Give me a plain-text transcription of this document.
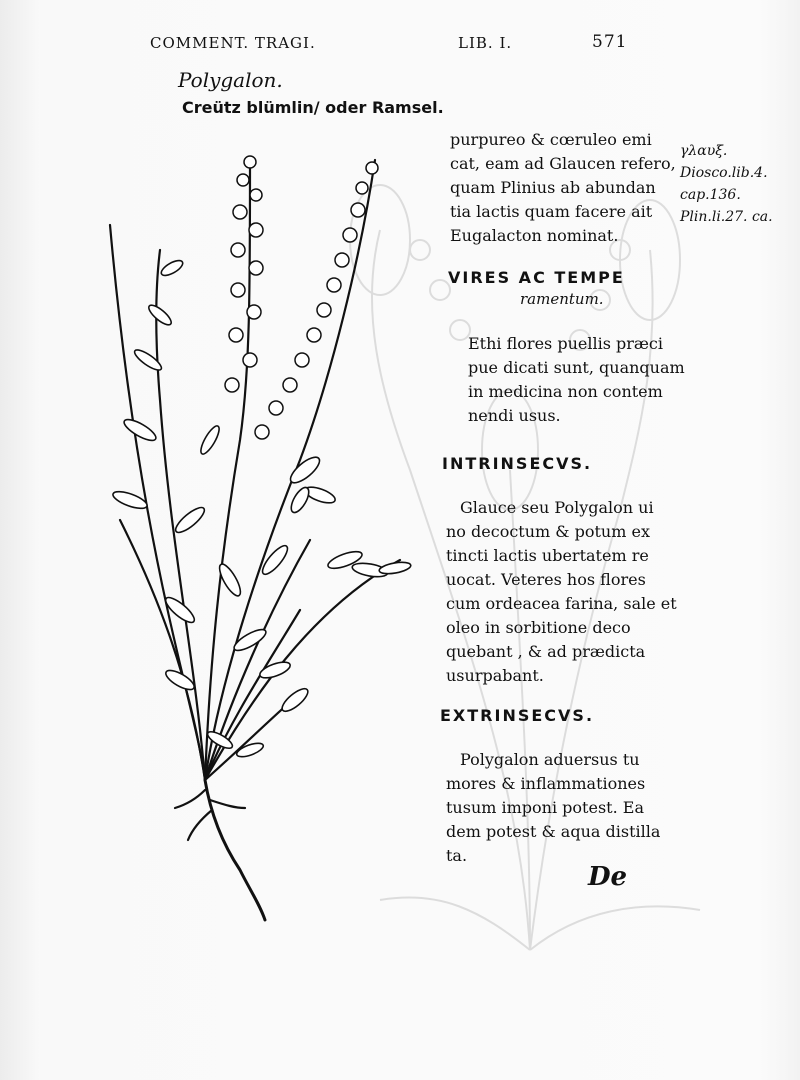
COMMENT. TRAGI.	LIB. I.	571
Polygalon.
Creütz blümlin/ oder Ramsel.
purpureo & cœruleo emi
cat, eam ad Glaucen refero,
quam Plinius ab abundan
tia lactis quam facere ait
Eugalacton nominat.
γλαυξ.
Diosco.lib.4.
cap.136.
Plin.li.27. ca.
VIRES AC TEMPE
ramentum.
Ethi flores puellis præci
pue dicati sunt, quanquam
in medicina non contem
nendi usus.
INTRINSECVS.
Glauce seu Polygalon ui
no decoctum & potum ex
tincti lactis ubertatem re
uocat. Veteres hos flores
cum ordeacea farina, sale et
oleo in sorbitione deco
quebant , & ad prædicta
usurpabant.
EXTRINSECVS.
Polygalon aduersus tu
mores & inflammationes
tusum imponi potest. Ea
dem potest & aqua distilla
ta.
De
